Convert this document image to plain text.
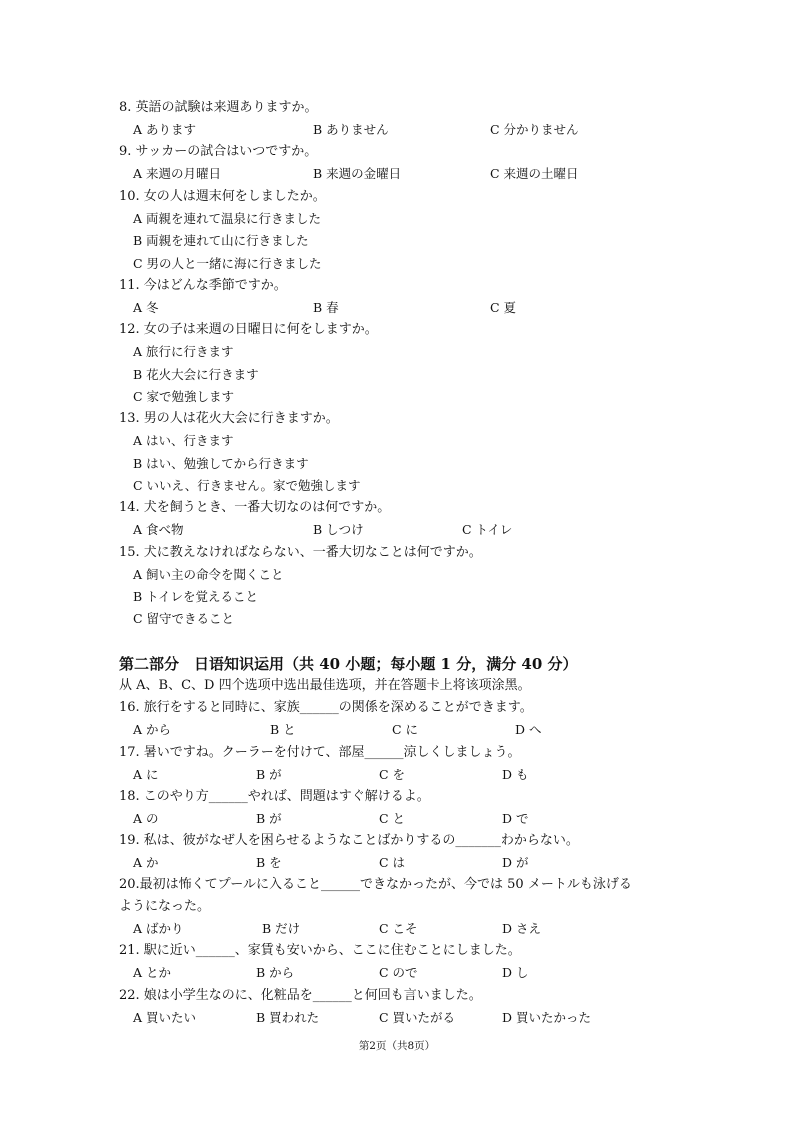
8. 英語の試験は来週ありますか。
A あります	B ありません	C 分かりません
9. サッカーの試合はいつですか。
A 来週の月曜日	B 来週の金曜日	C 来週の土曜日
10. 女の人は週末何をしましたか。
A 両親を連れて温泉に行きました
B 両親を連れて山に行きました
C 男の人と一緒に海に行きました
11. 今はどんな季節ですか。
A 冬	B 春	C 夏
12. 女の子は来週の日曜日に何をしますか。
A 旅行に行きます
B 花火大会に行きます
C 家で勉強します
13. 男の人は花火大会に行きますか。
A はい、行きます
B はい、勉強してから行きます
C いいえ、行きません。家で勉強します
14. 犬を飼うとき、一番大切なのは何ですか。
A 食べ物	B しつけ	C トイレ
15. 犬に教えなければならない、一番大切なことは何ですか。
A 飼い主の命令を聞くこと
B トイレを覚えること
C 留守できること
第二部分　日语知识运用（共 40 小题；每小题 1 分，满分 40 分）
从 A、B、C、D 四个选项中选出最佳选项，并在答题卡上将该项涂黑。
16. 旅行をすると同時に、家族______の関係を深めることができます。
A から	B と	C に	D へ
17. 暑いですね。クーラーを付けて、部屋______涼しくしましょう。
A に	B が	C を	D も
18. このやり方______やれば、問題はすぐ解けるよ。
A の	B が	C と	D で
19. 私は、彼がなぜ人を困らせるようなことばかりするの_______わからない。
A か	B を	C は	D が
20.最初は怖くてプールに入ること______できなかったが、今では 50 メートルも泳げる
ようになった。
A ばかり	B だけ	C こそ	D さえ
21. 駅に近い______、家賃も安いから、ここに住むことにしました。
A とか	B から	C ので	D し
22. 娘は小学生なのに、化粧品を______と何回も言いました。
A 買いたい	B 買われた	C 買いたがる	D 買いたかった
第2页（共8页）
